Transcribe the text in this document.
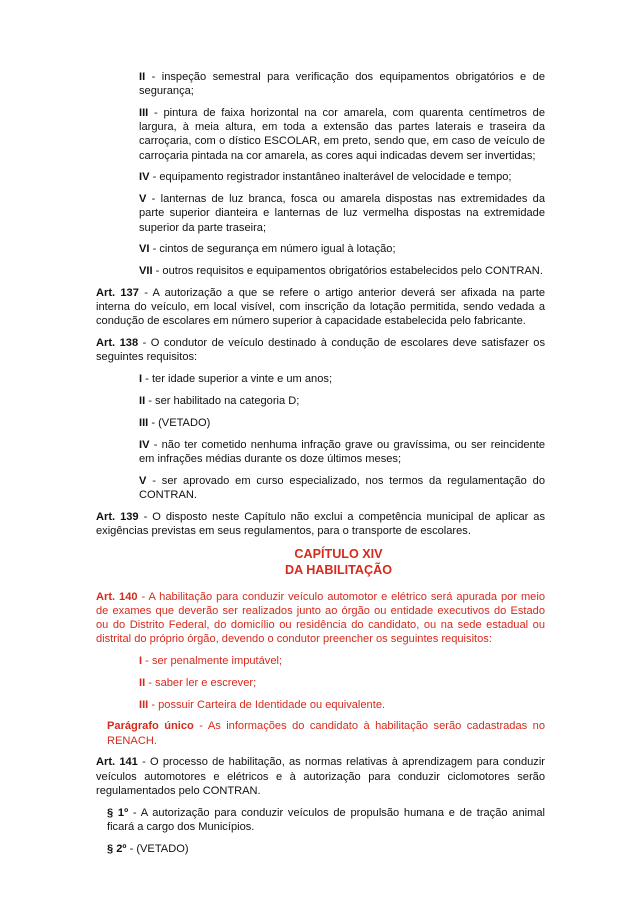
II - inspeção semestral para verificação dos equipamentos obrigatórios e de segurança;
III - pintura de faixa horizontal na cor amarela, com quarenta centímetros de largura, à meia altura, em toda a extensão das partes laterais e traseira da carroçaria, com o dístico ESCOLAR, em preto, sendo que, em caso de veículo de carroçaria pintada na cor amarela, as cores aqui indicadas devem ser invertidas;
IV - equipamento registrador instantâneo inalterável de velocidade e tempo;
V - lanternas de luz branca, fosca ou amarela dispostas nas extremidades da parte superior dianteira e lanternas de luz vermelha dispostas na extremidade superior da parte traseira;
VI - cintos de segurança em número igual à lotação;
VII - outros requisitos e equipamentos obrigatórios estabelecidos pelo CONTRAN.
Art. 137 - A autorização a que se refere o artigo anterior deverá ser afixada na parte interna do veículo, em local visível, com inscrição da lotação permitida, sendo vedada a condução de escolares em número superior à capacidade estabelecida pelo fabricante.
Art. 138 - O condutor de veículo destinado à condução de escolares deve satisfazer os seguintes requisitos:
I - ter idade superior a vinte e um anos;
II - ser habilitado na categoria D;
III - (VETADO)
IV - não ter cometido nenhuma infração grave ou gravíssima, ou ser reincidente em infrações médias durante os doze últimos meses;
V - ser aprovado em curso especializado, nos termos da regulamentação do CONTRAN.
Art. 139 - O disposto neste Capítulo não exclui a competência municipal de aplicar as exigências previstas em seus regulamentos, para o transporte de escolares.
CAPÍTULO XIV
DA HABILITAÇÃO
Art. 140 - A habilitação para conduzir veículo automotor e elétrico será apurada por meio de exames que deverão ser realizados junto ao órgão ou entidade executivos do Estado ou do Distrito Federal, do domicílio ou residência do candidato, ou na sede estadual ou distrital do próprio órgão, devendo o condutor preencher os seguintes requisitos:
I - ser penalmente imputável;
II - saber ler e escrever;
III - possuir Carteira de Identidade ou equivalente.
Parágrafo único - As informações do candidato à habilitação serão cadastradas no RENACH.
Art. 141 - O processo de habilitação, as normas relativas à aprendizagem para conduzir veículos automotores e elétricos e à autorização para conduzir ciclomotores serão regulamentados pelo CONTRAN.
§ 1º - A autorização para conduzir veículos de propulsão humana e de tração animal ficará a cargo dos Municípios.
§ 2º - (VETADO)
